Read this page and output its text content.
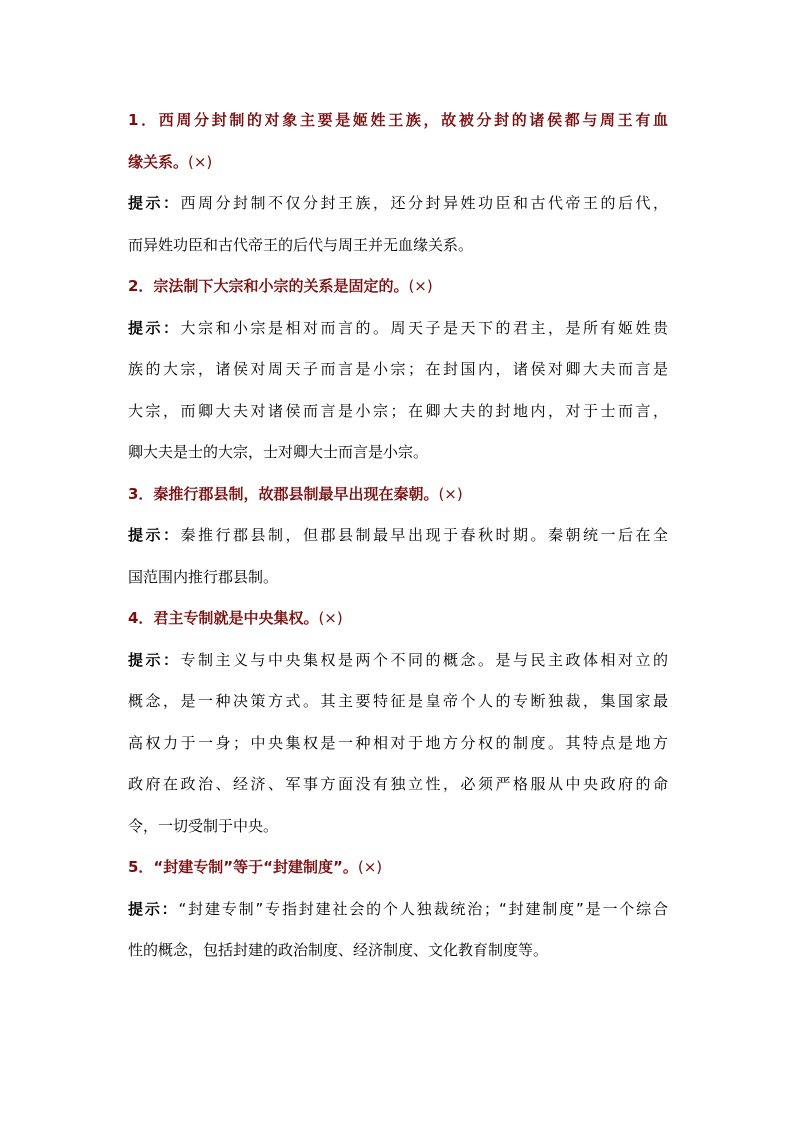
1．西周分封制的对象主要是姬姓王族，故被分封的诸侯都与周王有血
缘关系。(×)
提示：西周分封制不仅分封王族，还分封异姓功臣和古代帝王的后代，
而异姓功臣和古代帝王的后代与周王并无血缘关系。
2．宗法制下大宗和小宗的关系是固定的。(×)
提示：大宗和小宗是相对而言的。周天子是天下的君主，是所有姬姓贵
族的大宗，诸侯对周天子而言是小宗；在封国内，诸侯对卿大夫而言是
大宗，而卿大夫对诸侯而言是小宗；在卿大夫的封地内，对于士而言，
卿大夫是士的大宗，士对卿大士而言是小宗。
3．秦推行郡县制，故郡县制最早出现在秦朝。(×)
提示：秦推行郡县制，但郡县制最早出现于春秋时期。秦朝统一后在全
国范围内推行郡县制。
4．君主专制就是中央集权。(×)
提示：专制主义与中央集权是两个不同的概念。是与民主政体相对立的
概念，是一种决策方式。其主要特征是皇帝个人的专断独裁，集国家最
高权力于一身；中央集权是一种相对于地方分权的制度。其特点是地方
政府在政治、经济、军事方面没有独立性，必须严格服从中央政府的命
令，一切受制于中央。
5．“封建专制”等于“封建制度”。(×)
提示：“封建专制”专指封建社会的个人独裁统治；“封建制度”是一个综合
性的概念，包括封建的政治制度、经济制度、文化教育制度等。
